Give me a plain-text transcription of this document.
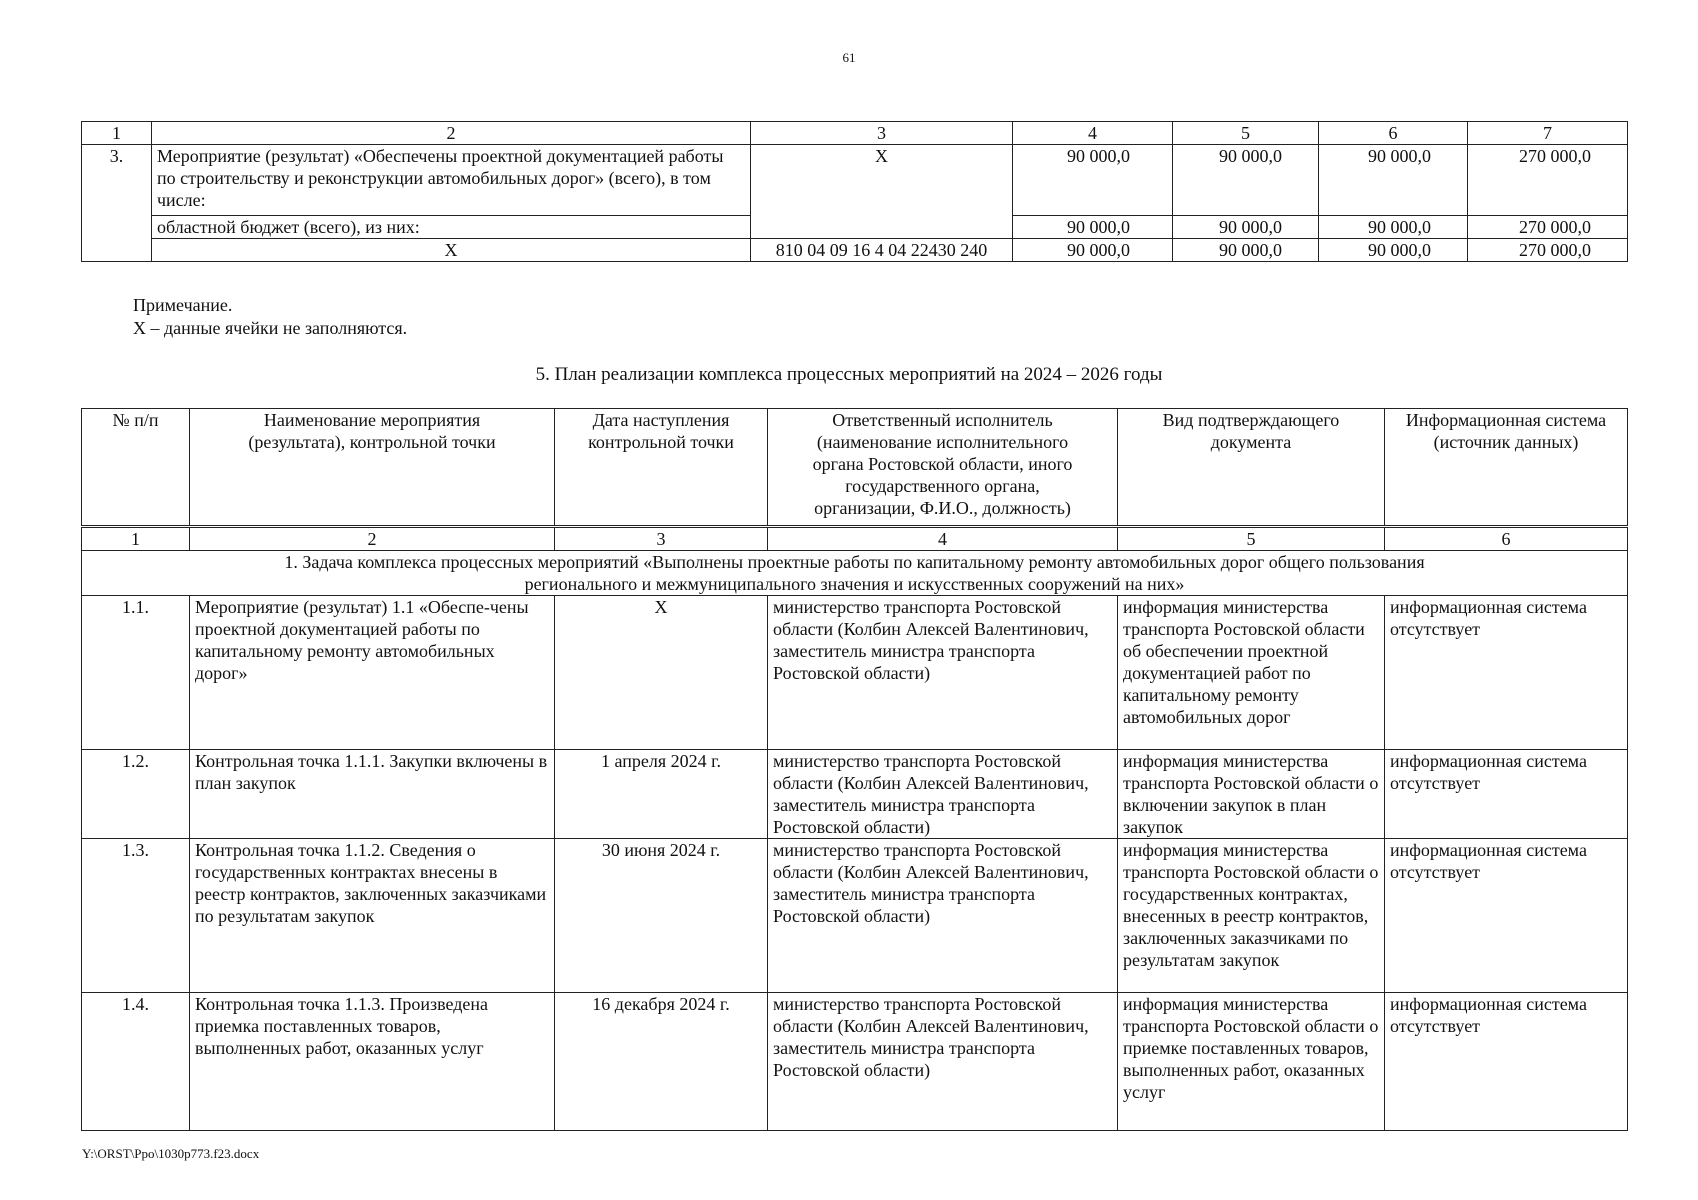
61
1	2	3	4	5	6	7
3.	Мероприятие (результат) «Обеспечены проектной документацией работы по строительству и реконструкции автомобильных дорог» (всего), в том числе:	Х	90 000,0	90 000,0	90 000,0	270 000,0
	областной бюджет (всего), из них:		90 000,0	90 000,0	90 000,0	270 000,0
	Х	810 04 09 16 4 04 22430 240	90 000,0	90 000,0	90 000,0	270 000,0
Примечание.
Х – данные ячейки не заполняются.
5. План реализации комплекса процессных мероприятий на 2024 – 2026 годы
№ п/п	Наименование мероприятия (результата), контрольной точки	Дата наступления контрольной точки	Ответственный исполнитель (наименование исполнительного органа Ростовской области, иного государственного органа, организации, Ф.И.О., должность)	Вид подтверждающего документа	Информационная система (источник данных)
1	2	3	4	5	6
1. Задача комплекса процессных мероприятий «Выполнены проектные работы по капитальному ремонту автомобильных дорог общего пользования регионального и межмуниципального значения и искусственных сооружений на них»					
1.1.	Мероприятие (результат) 1.1 «Обеспе-чены проектной документацией работы по капитальному ремонту автомобильных дорог»	Х	министерство транспорта Ростовской области (Колбин Алексей Валентинович, заместитель министра транспорта Ростовской области)	информация министерства транспорта Ростовской области об обеспечении проектной документацией работ по капитальному ремонту автомобильных дорог	информационная система отсутствует
1.2.	Контрольная точка 1.1.1. Закупки включены в план закупок	1 апреля 2024 г.	министерство транспорта Ростовской области (Колбин Алексей Валентинович, заместитель министра транспорта Ростовской области)	информация министерства транспорта Ростовской области о включении закупок в план закупок	информационная система отсутствует
1.3.	Контрольная точка 1.1.2. Сведения о государственных контрактах внесены в реестр контрактов, заключенных заказчиками по результатам закупок	30 июня 2024 г.	министерство транспорта Ростовской области (Колбин Алексей Валентинович, заместитель министра транспорта Ростовской области)	информация министерства транспорта Ростовской области о государственных контрактах, внесенных в реестр контрактов, заключенных заказчиками по результатам закупок	информационная система отсутствует
1.4.	Контрольная точка 1.1.3. Произведена приемка поставленных товаров, выполненных работ, оказанных услуг	16 декабря 2024 г.	министерство транспорта Ростовской области (Колбин Алексей Валентинович, заместитель министра транспорта Ростовской области)	информация министерства транспорта Ростовской области о приемке поставленных товаров, выполненных работ, оказанных услуг	информационная система отсутствует
Y:\ORST\Ppo\1030p773.f23.docx
